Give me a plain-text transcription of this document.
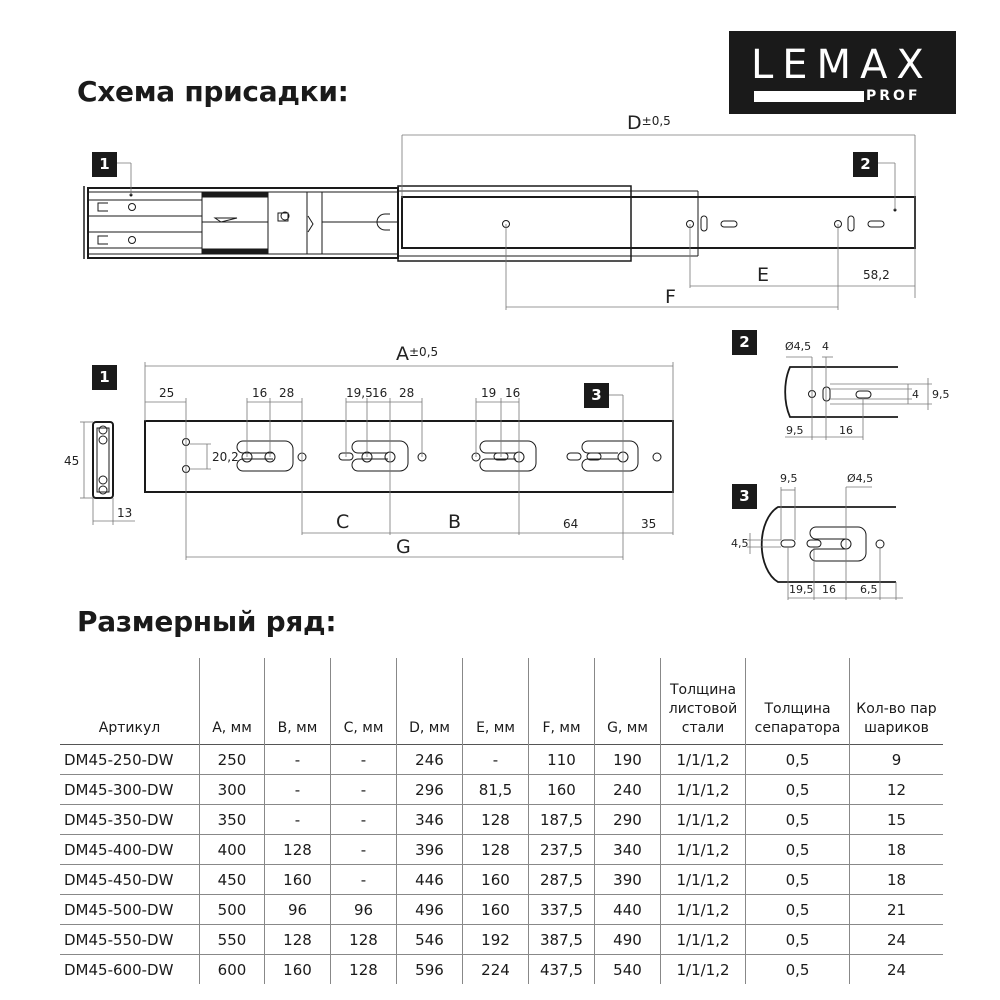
Схема присадки:
LEMAX
PROF
1	2
$D^{\pm 0,5}$
E
F
58,2
1
45
13
$A^{\pm 0,5}$
25	16 28	19,5 16 28	19 16
20,2
3
C	B	64	35
G
2	Ø4,5 4
4 9,5
9,5	16
3
9,5	Ø4,5
4,5
19,5 16 6,5
Размерный ряд:
Артикул	A, мм	B, мм	C, мм	D, мм	E, мм	F, мм	G, мм	Толщина листовой стали	Толщина сепаратора	Кол-во пар шариков
DM45-250-DW	250	-	-	246	-	110	190	1/1/1,2	0,5	9
DM45-300-DW	300	-	-	296	81,5	160	240	1/1/1,2	0,5	12
DM45-350-DW	350	-	-	346	128	187,5	290	1/1/1,2	0,5	15
DM45-400-DW	400	128	-	396	128	237,5	340	1/1/1,2	0,5	18
DM45-450-DW	450	160	-	446	160	287,5	390	1/1/1,2	0,5	18
DM45-500-DW	500	96	96	496	160	337,5	440	1/1/1,2	0,5	21
DM45-550-DW	550	128	128	546	192	387,5	490	1/1/1,2	0,5	24
DM45-600-DW	600	160	128	596	224	437,5	540	1/1/1,2	0,5	24
